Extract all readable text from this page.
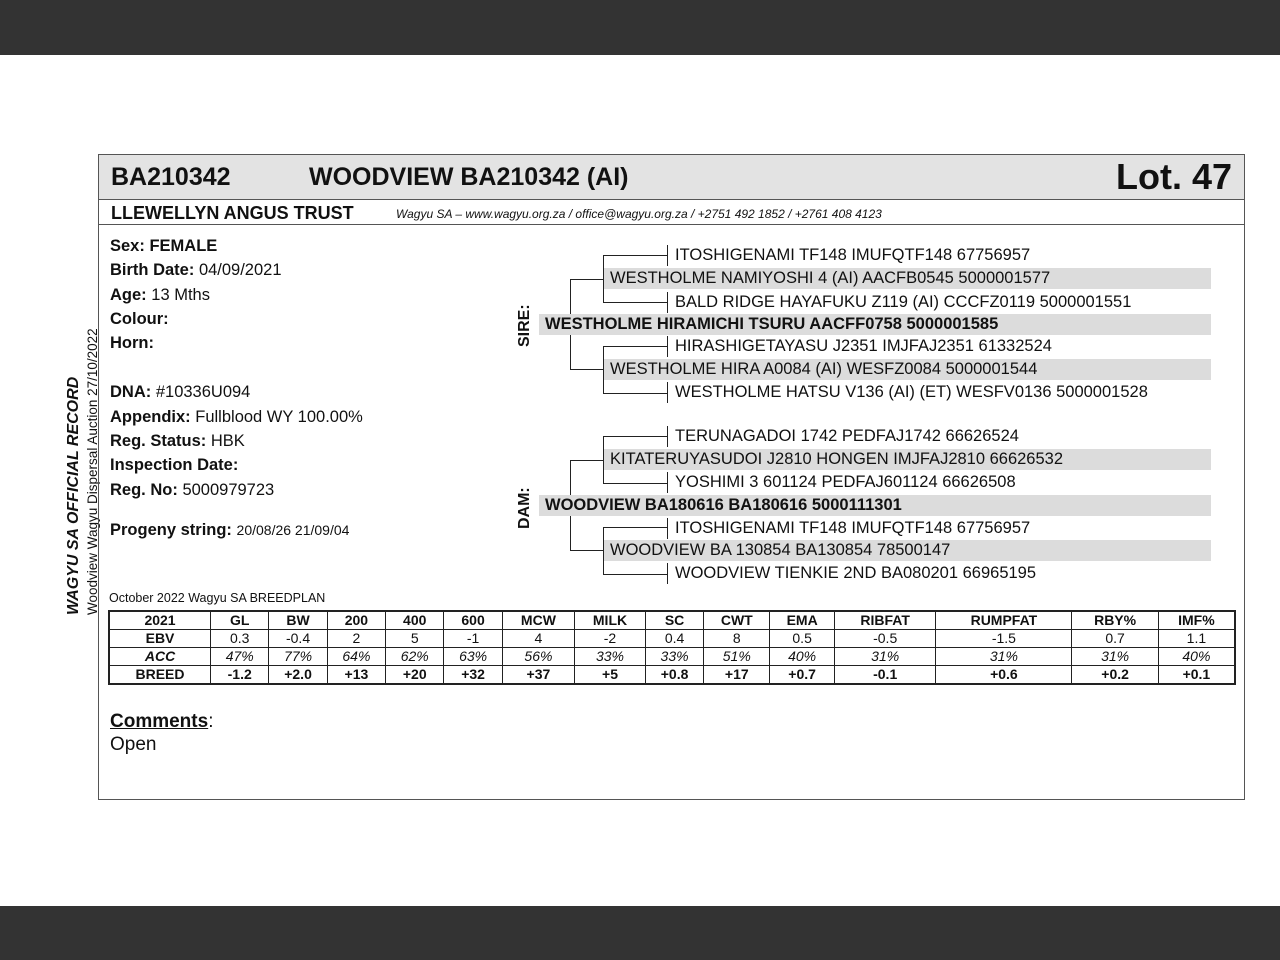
WAGYU SA OFFICIAL RECORD Woodview Wagyu Dispersal Auction 27/10/2022
BA210342	WOODVIEW BA210342 (AI)	Lot. 47
LLEWELLYN ANGUS TRUST	Wagyu SA – www.wagyu.org.za / office@wagyu.org.za / +2751 492 1852 / +2761 408 4123
Sex: FEMALE
Birth Date: 04/09/2021
Age: 13 Mths
Colour:
Horn:
DNA: #10336U094
Appendix: Fullblood WY 100.00%
Reg. Status: HBK
Inspection Date:
Reg. No: 5000979723
Progeny string: 20/08/26 21/09/04
SIRE:
DAM:
ITOSHIGENAMI TF148 IMUFQTF148 67756957
WESTHOLME NAMIYOSHI 4 (AI) AACFB0545 5000001577
BALD RIDGE HAYAFUKU Z119 (AI) CCCFZ0119 5000001551
WESTHOLME HIRAMICHI TSURU AACFF0758 5000001585
HIRASHIGETAYASU J2351 IMJFAJ2351 61332524
WESTHOLME HIRA A0084 (AI) WESFZ0084 5000001544
WESTHOLME HATSU V136 (AI) (ET) WESFV0136 5000001528
TERUNAGADOI 1742 PEDFAJ1742 66626524
KITATERUYASUDOI J2810 HONGEN IMJFAJ2810 66626532
YOSHIMI 3 601124 PEDFAJ601124 66626508
WOODVIEW BA180616 BA180616 5000111301
ITOSHIGENAMI TF148 IMUFQTF148 67756957
WOODVIEW BA 130854 BA130854 78500147
WOODVIEW TIENKIE 2ND BA080201 66965195
October 2022 Wagyu SA BREEDPLAN
2021	GL	BW	200	400	600	MCW	MILK	SC	CWT	EMA	RIBFAT	RUMPFAT	RBY%	IMF%
EBV	0.3	-0.4	2	5	-1	4	-2	0.4	8	0.5	-0.5	-1.5	0.7	1.1
ACC	47%	77%	64%	62%	63%	56%	33%	33%	51%	40%	31%	31%	31%	40%
BREED	-1.2	+2.0	+13	+20	+32	+37	+5	+0.8	+17	+0.7	-0.1	+0.6	+0.2	+0.1
Comments:
Open
